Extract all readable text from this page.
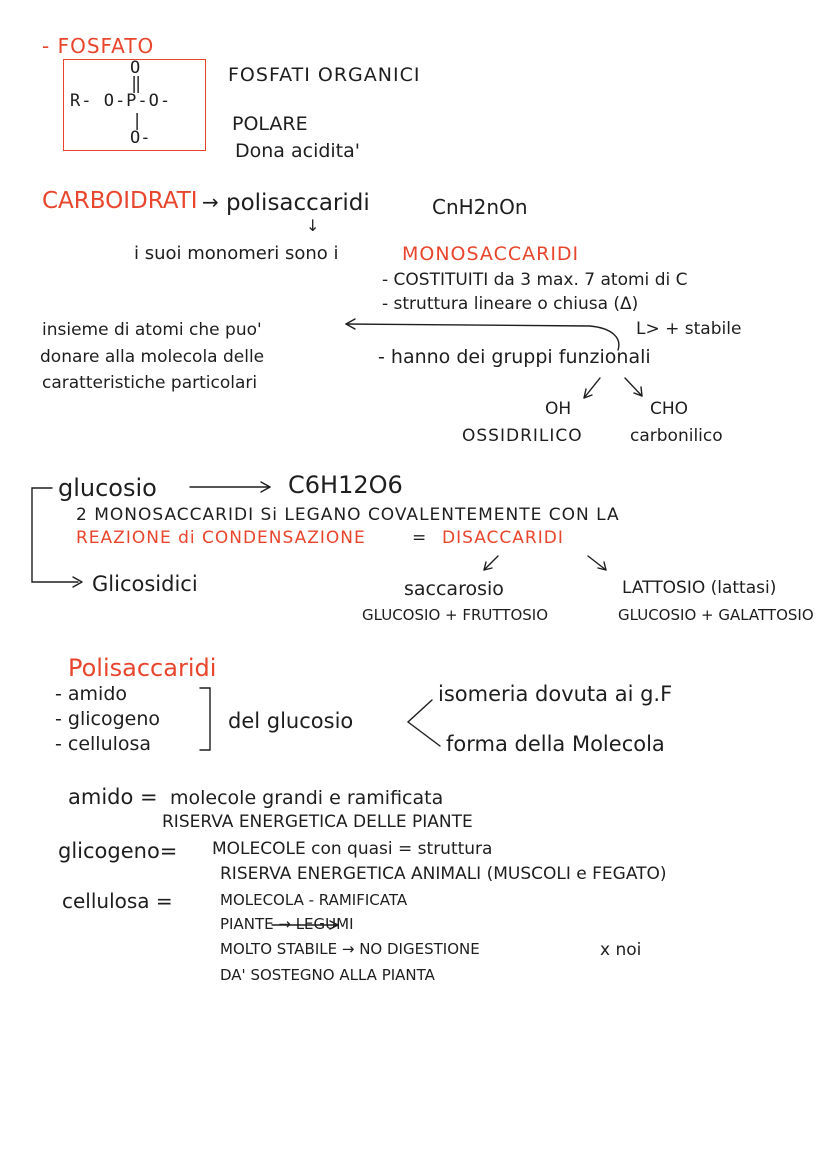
- FOSFATO
O
‖
R- O-P-O-
|
O-
FOSFATI ORGANICI
POLARE
Dona acidita'
CARBOIDRATI → polisaccaridi	CnH2nOn
↓
i suoi monomeri sono i	MONOSACCARIDI
- COSTITUITI da 3 max. 7 atomi di C
- struttura lineare o chiusa (Δ)
L> + stabile
- hanno dei gruppi funzionali
insieme di atomi che puo'
donare alla molecola delle
caratteristiche particolari
OH
OSSIDRILICO
CHO
carbonilico
glucosio	C6H12O6
2 MONOSACCARIDI Si LEGANO COVALENTEMENTE CON LA
REAZIONE di CONDENSAZIONE	= DISACCARIDI
Glicosidici	saccarosio
GLUCOSIO + FRUTTOSIO
LATTOSIO (lattasi)
GLUCOSIO + GALATTOSIO
Polisaccaridi
- amido
- glicogeno
- cellulosa
del glucosio
isomeria dovuta ai g.F
forma della Molecola
amido = molecole grandi e ramificata
RISERVA ENERGETICA DELLE PIANTE
glicogeno= MOLECOLE con quasi = struttura
RISERVA ENERGETICA ANIMALI (MUSCOLI e FEGATO)
cellulosa =	MOLECOLA - RAMIFICATA
PIANTE → LEGUMI
MOLTO STABILE → NO DIGESTIONE
DA' SOSTEGNO ALLA PIANTA
x noi
